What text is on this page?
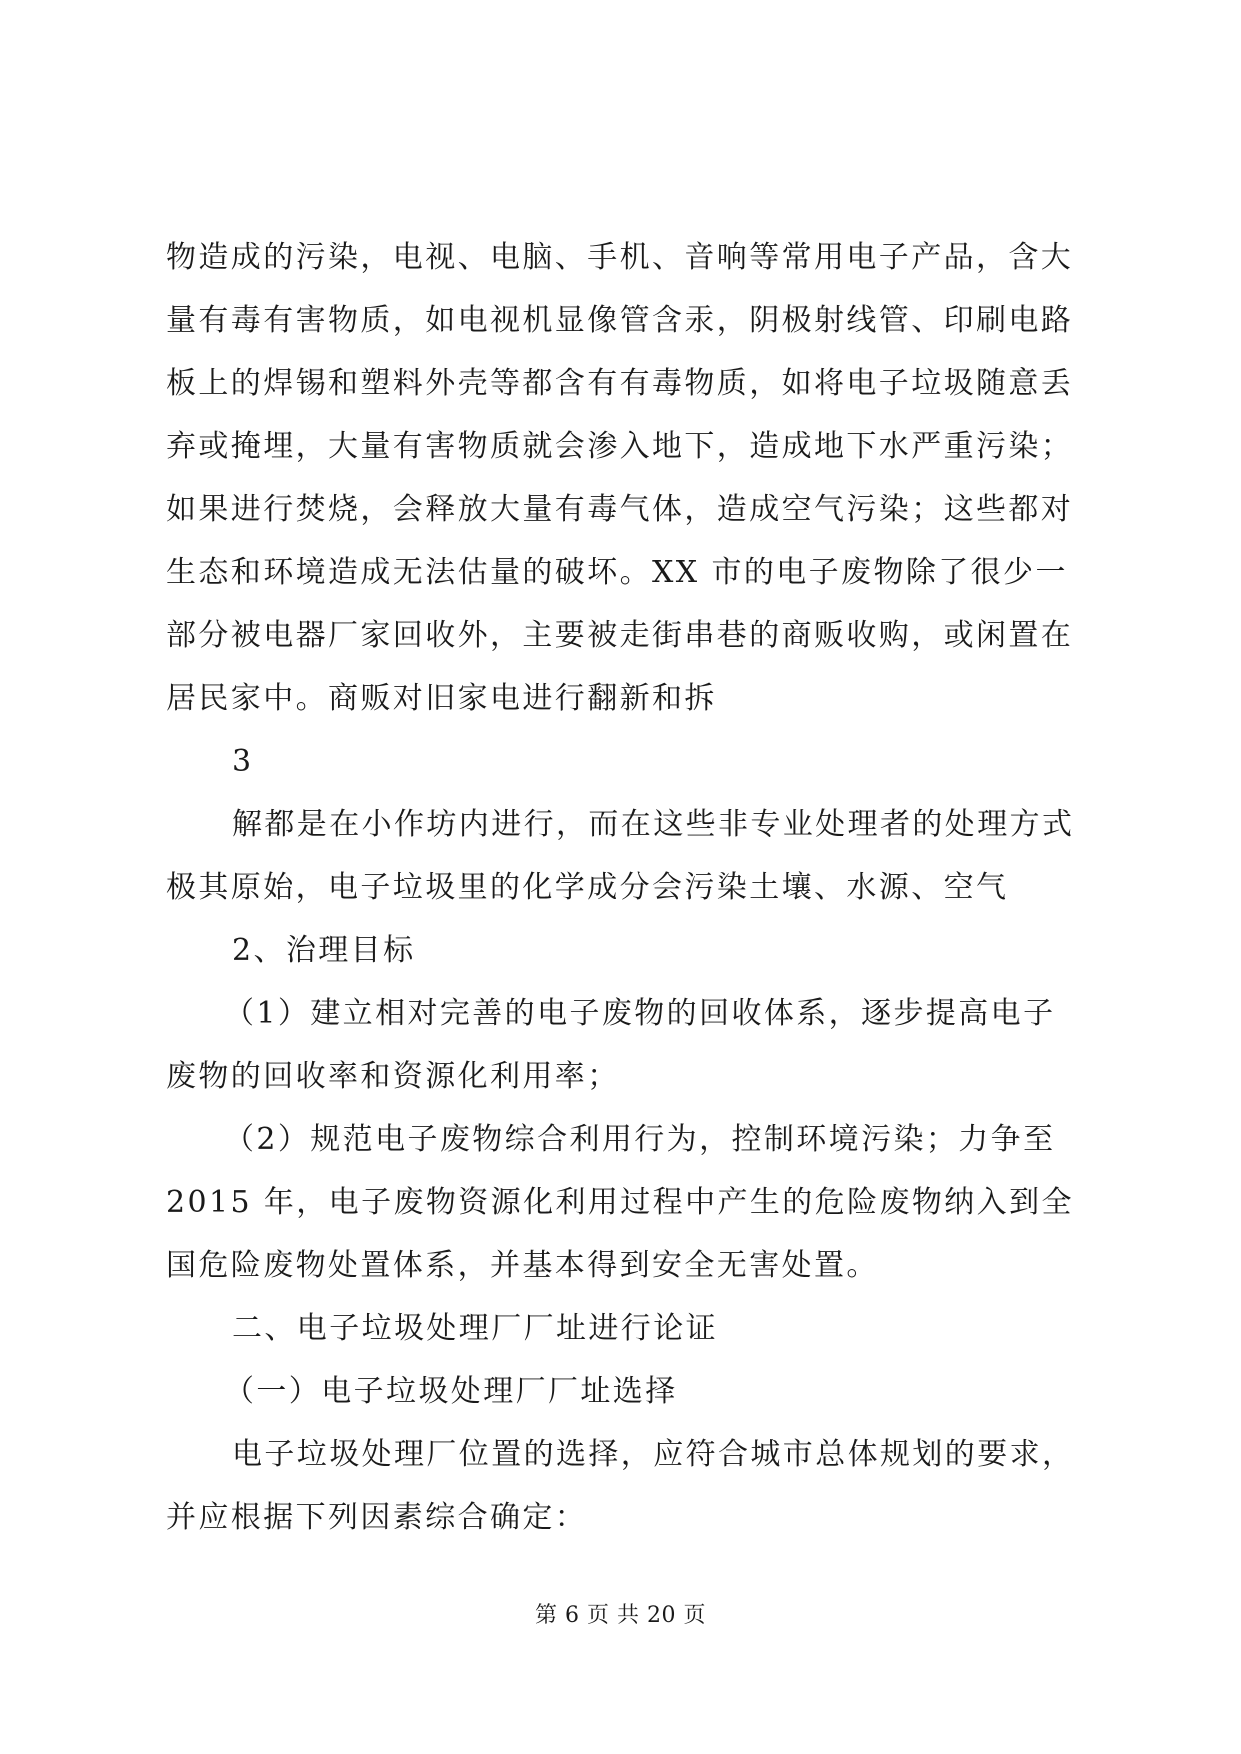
物造成的污染，电视、电脑、手机、音响等常用电子产品，含大
量有毒有害物质，如电视机显像管含汞，阴极射线管、印刷电路
板上的焊锡和塑料外壳等都含有有毒物质，如将电子垃圾随意丢
弃或掩埋，大量有害物质就会渗入地下，造成地下水严重污染；
如果进行焚烧，会释放大量有毒气体，造成空气污染；这些都对
生态和环境造成无法估量的破坏。XX 市的电子废物除了很少一
部分被电器厂家回收外，主要被走街串巷的商贩收购，或闲置在
居民家中。商贩对旧家电进行翻新和拆
3
解都是在小作坊内进行，而在这些非专业处理者的处理方式
极其原始，电子垃圾里的化学成分会污染土壤、水源、空气
2、治理目标
（1）建立相对完善的电子废物的回收体系，逐步提高电子
废物的回收率和资源化利用率；
（2）规范电子废物综合利用行为，控制环境污染；力争至
2015 年，电子废物资源化利用过程中产生的危险废物纳入到全
国危险废物处置体系，并基本得到安全无害处置。
二、电子垃圾处理厂厂址进行论证
（一）电子垃圾处理厂厂址选择
电子垃圾处理厂位置的选择，应符合城市总体规划的要求，
并应根据下列因素综合确定：
第 6 页 共 20 页
